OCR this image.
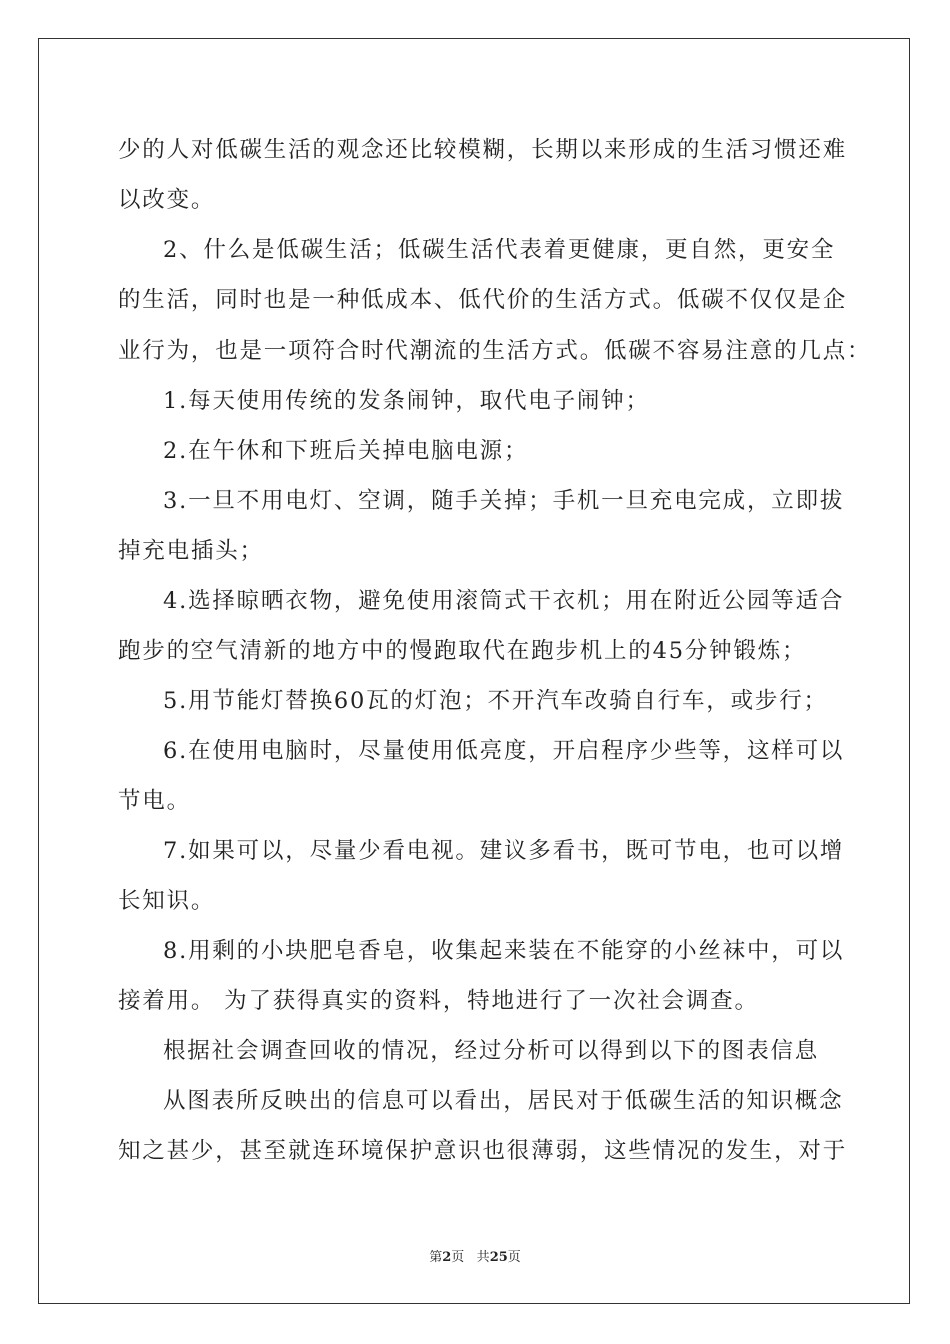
少的人对低碳生活的观念还比较模糊，长期以来形成的生活习惯还难
以改变。
2、什么是低碳生活；低碳生活代表着更健康，更自然，更安全
的生活，同时也是一种低成本、低代价的生活方式。低碳不仅仅是企
业行为，也是一项符合时代潮流的生活方式。低碳不容易注意的几点：
1.每天使用传统的发条闹钟，取代电子闹钟；
2.在午休和下班后关掉电脑电源；
3.一旦不用电灯、空调，随手关掉；手机一旦充电完成，立即拔
掉充电插头；
4.选择晾晒衣物，避免使用滚筒式干衣机；用在附近公园等适合
跑步的空气清新的地方中的慢跑取代在跑步机上的45分钟锻炼；
5.用节能灯替换60瓦的灯泡；不开汽车改骑自行车，或步行；
6.在使用电脑时，尽量使用低亮度，开启程序少些等，这样可以
节电。
7.如果可以，尽量少看电视。建议多看书，既可节电，也可以增
长知识。
8.用剩的小块肥皂香皂，收集起来装在不能穿的小丝袜中，可以
接着用。 为了获得真实的资料，特地进行了一次社会调查。
根据社会调查回收的情况，经过分析可以得到以下的图表信息
从图表所反映出的信息可以看出，居民对于低碳生活的知识概念
知之甚少，甚至就连环境保护意识也很薄弱，这些情况的发生，对于
第2页 共25页
